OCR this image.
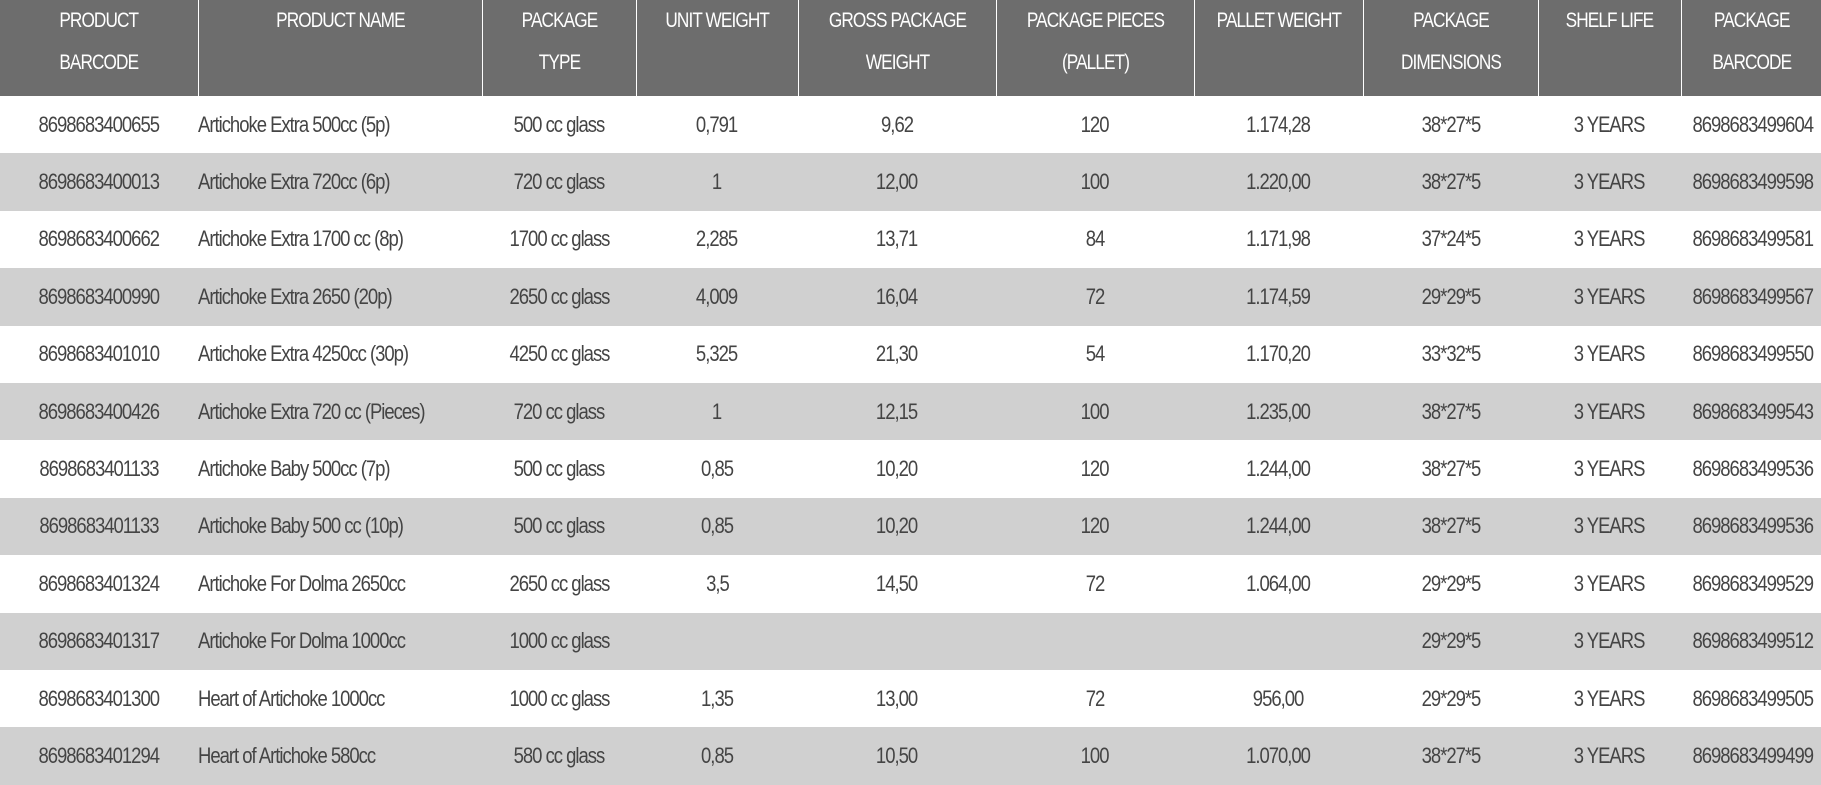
PRODUCT BARCODE	PRODUCT NAME	PACKAGE TYPE	UNIT WEIGHT	GROSS PACKAGE WEIGHT	PACKAGE PIECES (PALLET)	PALLET WEIGHT	PACKAGE DIMENSIONS	SHELF LIFE	PACKAGE BARCODE
8698683400655	Artichoke Extra 500cc (5p)	500 cc glass	0,791	9,62	120	1.174,28	38*27*5	3 YEARS	8698683499604
8698683400013	Artichoke Extra 720cc (6p)	720 cc glass	1	12,00	100	1.220,00	38*27*5	3 YEARS	8698683499598
8698683400662	Artichoke Extra 1700 cc (8p)	1700 cc glass	2,285	13,71	84	1.171,98	37*24*5	3 YEARS	8698683499581
8698683400990	Artichoke Extra 2650 (20p)	2650 cc glass	4,009	16,04	72	1.174,59	29*29*5	3 YEARS	8698683499567
8698683401010	Artichoke Extra 4250cc (30p)	4250 cc glass	5,325	21,30	54	1.170,20	33*32*5	3 YEARS	8698683499550
8698683400426	Artichoke Extra 720 cc (Pieces)	720 cc glass	1	12,15	100	1.235,00	38*27*5	3 YEARS	8698683499543
8698683401133	Artichoke Baby 500cc (7p)	500 cc glass	0,85	10,20	120	1.244,00	38*27*5	3 YEARS	8698683499536
8698683401133	Artichoke Baby 500 cc (10p)	500 cc glass	0,85	10,20	120	1.244,00	38*27*5	3 YEARS	8698683499536
8698683401324	Artichoke For Dolma 2650cc	2650 cc glass	3,5	14,50	72	1.064,00	29*29*5	3 YEARS	8698683499529
8698683401317	Artichoke For Dolma 1000cc	1000 cc glass					29*29*5	3 YEARS	8698683499512
8698683401300	Heart of Artichoke 1000cc	1000 cc glass	1,35	13,00	72	956,00	29*29*5	3 YEARS	8698683499505
8698683401294	Heart of Artichoke 580cc	580 cc glass	0,85	10,50	100	1.070,00	38*27*5	3 YEARS	8698683499499
